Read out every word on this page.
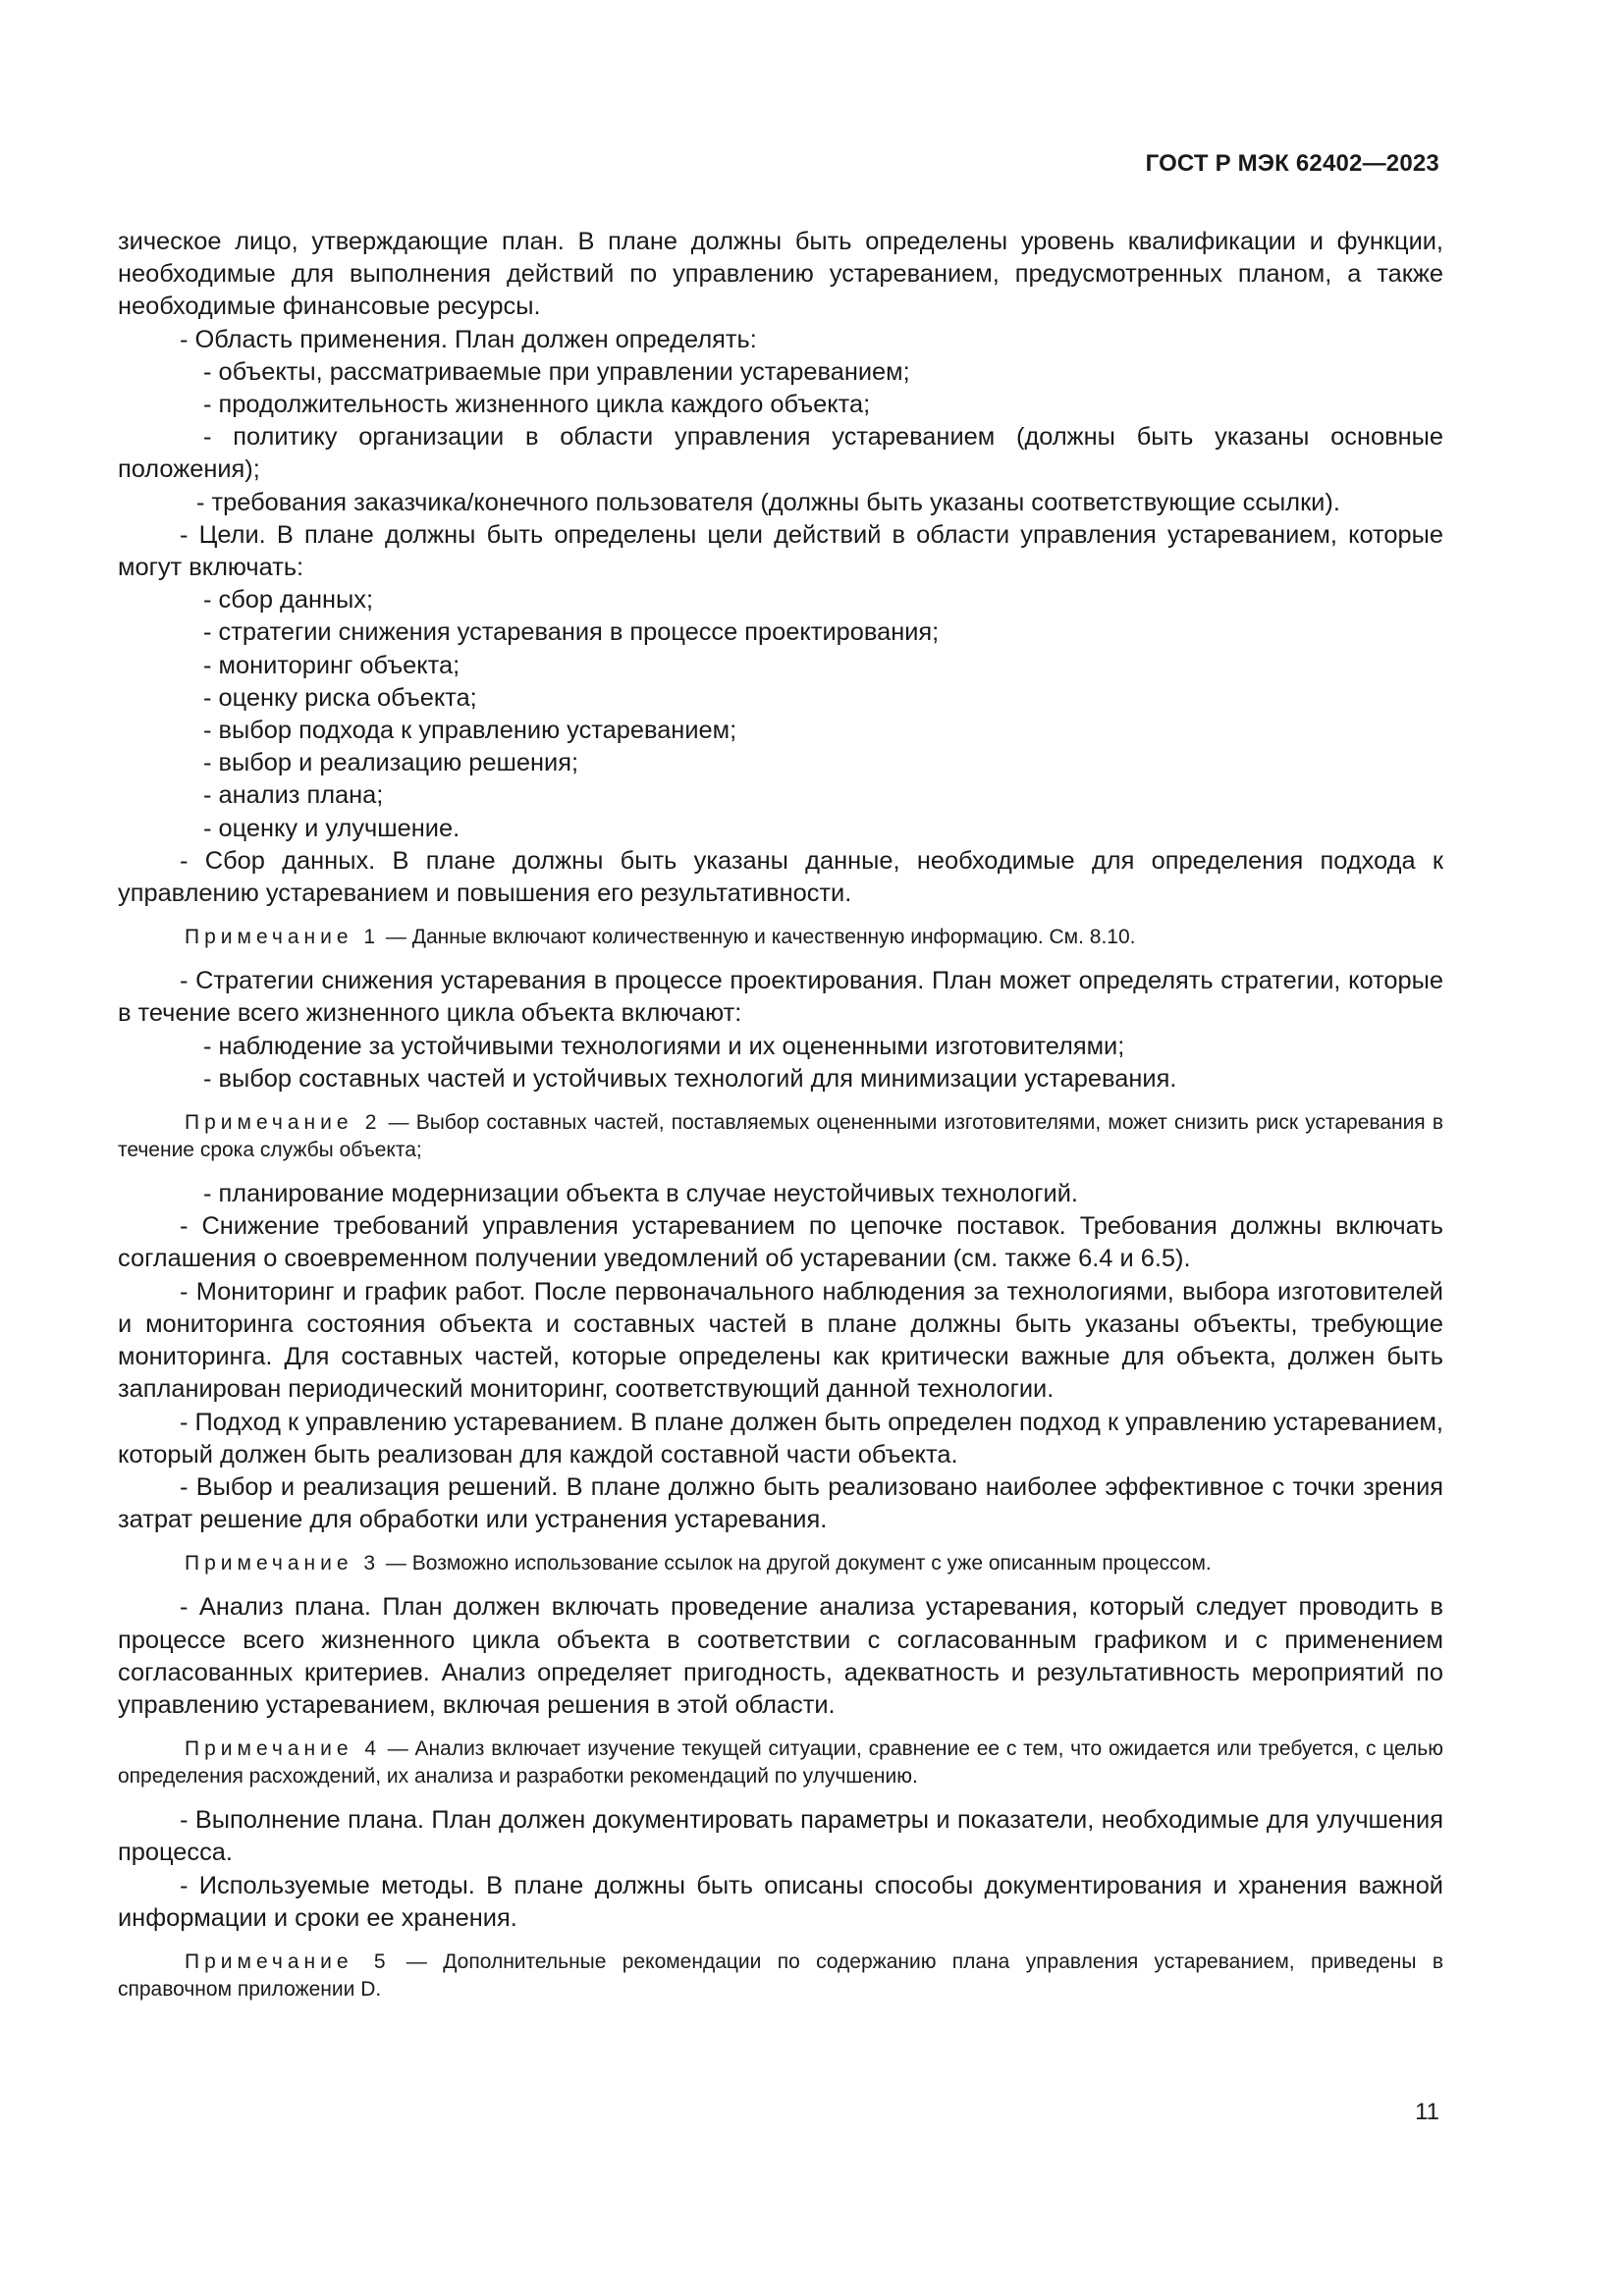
ГОСТ Р МЭК 62402—2023

зическое лицо, утверждающие план. В плане должны быть определены уровень квалификации и функции, необходимые для выполнения действий по управлению устареванием, предусмотренных планом, а также необходимые финансовые ресурсы.

- Область применения. План должен определять:

- объекты, рассматриваемые при управлении устареванием;

- продолжительность жизненного цикла каждого объекта;

- политику организации в области управления устареванием (должны быть указаны основные положения);

- требования заказчика/конечного пользователя (должны быть указаны соответствующие ссылки).

- Цели. В плане должны быть определены цели действий в области управления устареванием, которые могут включать:

- сбор данных;

- стратегии снижения устаревания в процессе проектирования;

- мониторинг объекта;

- оценку риска объекта;

- выбор подхода к управлению устареванием;

- выбор и реализацию решения;

- анализ плана;

- оценку и улучшение.

- Сбор данных. В плане должны быть указаны данные, необходимые для определения подхода к управлению устареванием и повышения его результативности.

Примечание 1 — Данные включают количественную и качественную информацию. См. 8.10.

- Стратегии снижения устаревания в процессе проектирования. План может определять стратегии, которые в течение всего жизненного цикла объекта включают:

- наблюдение за устойчивыми технологиями и их оцененными изготовителями;

- выбор составных частей и устойчивых технологий для минимизации устаревания.

Примечание 2 — Выбор составных частей, поставляемых оцененными изготовителями, может снизить риск устаревания в течение срока службы объекта;

- планирование модернизации объекта в случае неустойчивых технологий.

- Снижение требований управления устареванием по цепочке поставок. Требования должны включать соглашения о своевременном получении уведомлений об устаревании (см. также 6.4 и 6.5).

- Мониторинг и график работ. После первоначального наблюдения за технологиями, выбора изготовителей и мониторинга состояния объекта и составных частей в плане должны быть указаны объекты, требующие мониторинга. Для составных частей, которые определены как критически важные для объекта, должен быть запланирован периодический мониторинг, соответствующий данной технологии.

- Подход к управлению устареванием. В плане должен быть определен подход к управлению устареванием, который должен быть реализован для каждой составной части объекта.

- Выбор и реализация решений. В плане должно быть реализовано наиболее эффективное с точки зрения затрат решение для обработки или устранения устаревания.

Примечание 3 — Возможно использование ссылок на другой документ с уже описанным процессом.

- Анализ плана. План должен включать проведение анализа устаревания, который следует проводить в процессе всего жизненного цикла объекта в соответствии с согласованным графиком и с применением согласованных критериев. Анализ определяет пригодность, адекватность и результативность мероприятий по управлению устареванием, включая решения в этой области.

Примечание 4 — Анализ включает изучение текущей ситуации, сравнение ее с тем, что ожидается или требуется, с целью определения расхождений, их анализа и разработки рекомендаций по улучшению.

- Выполнение плана. План должен документировать параметры и показатели, необходимые для улучшения процесса.

- Используемые методы. В плане должны быть описаны способы документирования и хранения важной информации и сроки ее хранения.

Примечание 5 — Дополнительные рекомендации по содержанию плана управления устареванием, приведены в справочном приложении D.

11
